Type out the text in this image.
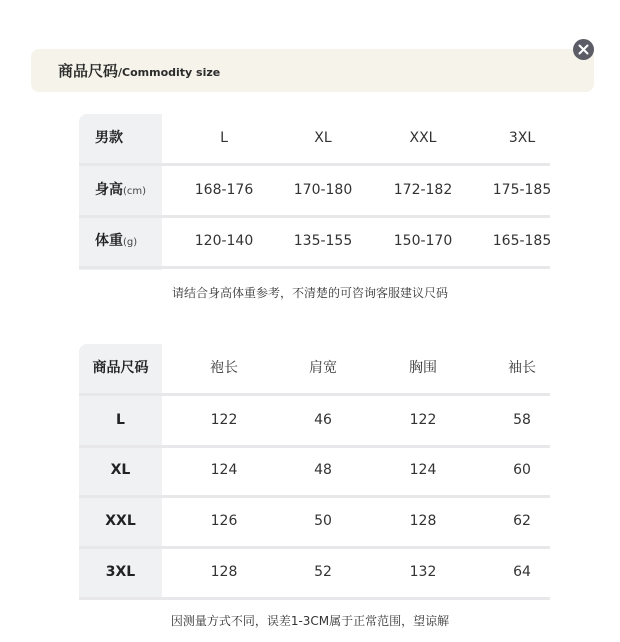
商品尺码/Commodity size
男款	L	XL	XXL	3XL
身高(cm)	168-176	170-180	172-182	175-185
体重(g)	120-140	135-155	150-170	165-185
请结合身高体重参考，不清楚的可咨询客服建议尺码
商品尺码	袍长	肩宽	胸围	袖长
L	122	46	122	58
XL	124	48	124	60
XXL	126	50	128	62
3XL	128	52	132	64
因测量方式不同，误差1-3CM属于正常范围，望谅解
